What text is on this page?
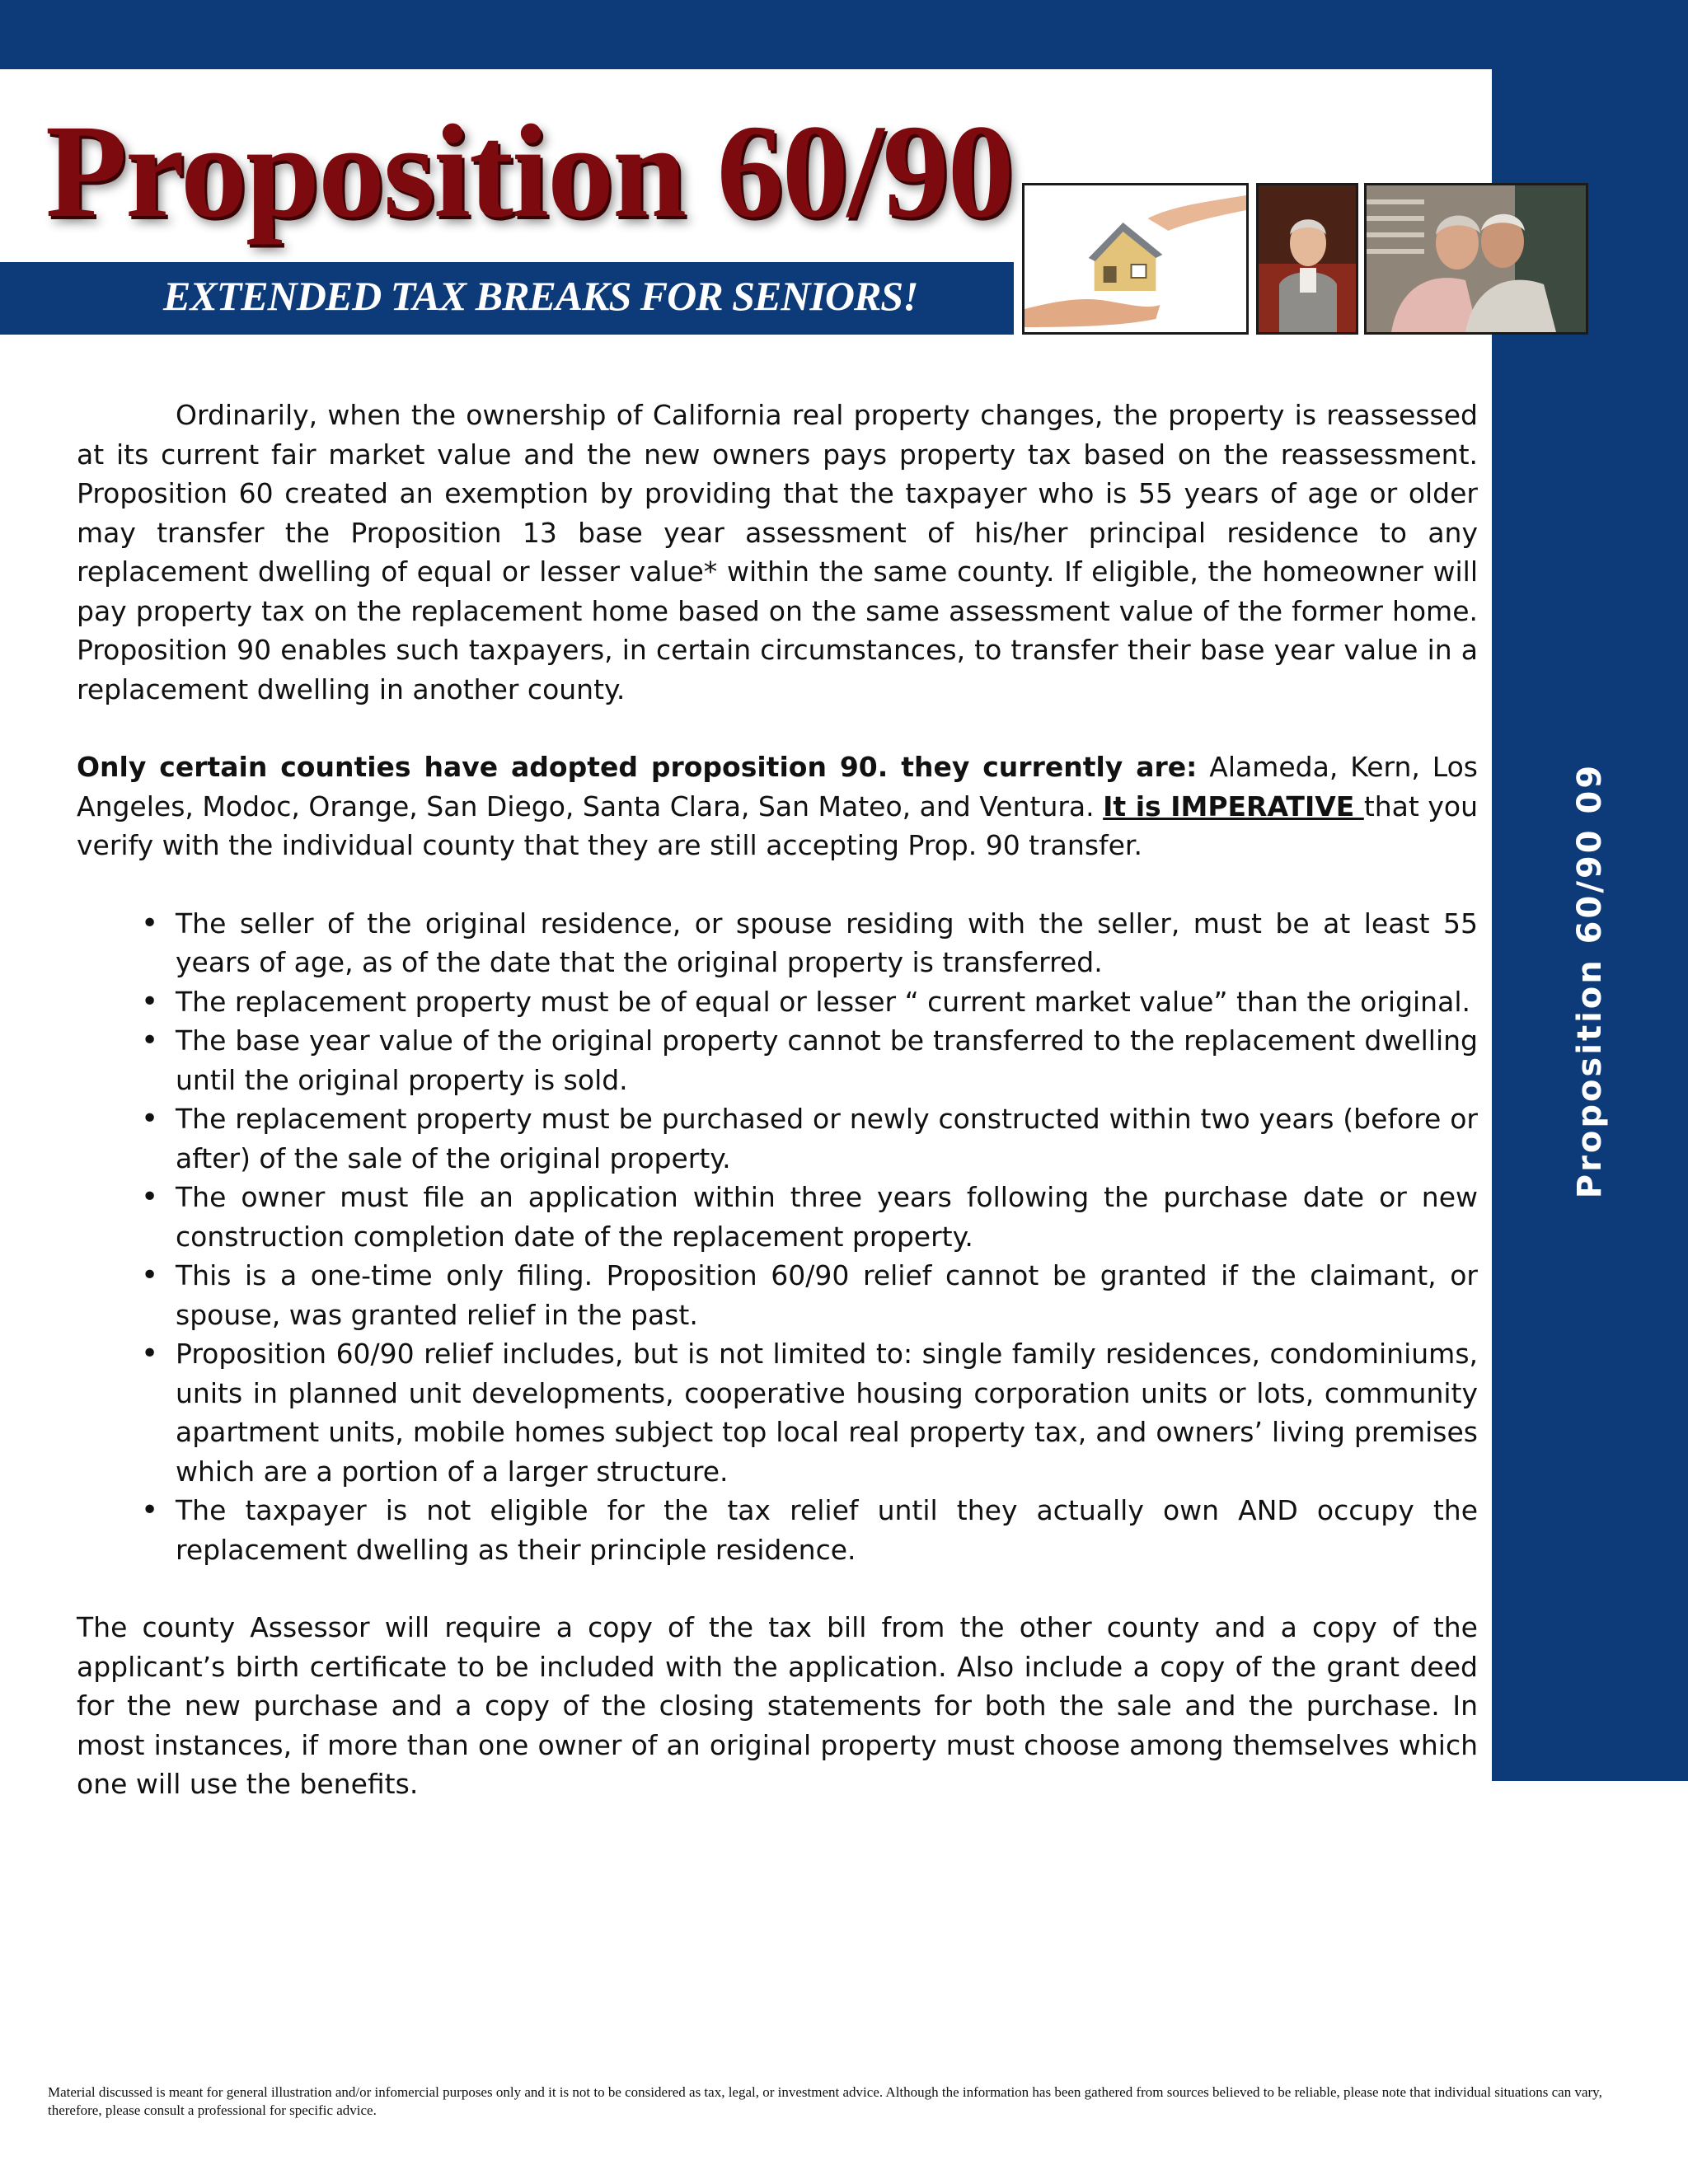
Proposition 60/90 09
Proposition 60/90
EXTENDED TAX BREAKS FOR SENIORS!

Ordinarily, when the ownership of California real property changes, the property is reassessed at its current fair market value and the new owners pays property tax based on the reassessment. Proposition 60 created an exemption by providing that the taxpayer who is 55 years of age or older may transfer the Proposition 13 base year assessment of his/her principal residence to any replacement dwelling of equal or lesser value* within the same county. If eligible, the homeowner will pay property tax on the replacement home based on the same assessment value of the former home. Proposition 90 enables such taxpayers, in certain circumstances, to transfer their base year value in a replacement dwelling in another county.

Only certain counties have adopted proposition 90. they currently are: Alameda, Kern, Los Angeles, Modoc, Orange, San Diego, Santa Clara, San Mateo, and Ventura. It is IMPERATIVE that you verify with the individual county that they are still accepting Prop. 90 transfer.

• The seller of the original residence, or spouse residing with the seller, must be at least 55 years of age, as of the date that the original property is transferred.
• The replacement property must be of equal or lesser “ current market value” than the original.
• The base year value of the original property cannot be transferred to the replacement dwelling until the original property is sold.
• The replacement property must be purchased or newly constructed within two years (before or after) of the sale of the original property.
• The owner must file an application within three years following the purchase date or new construction completion date of the replacement property.
• This is a one-time only filing. Proposition 60/90 relief cannot be granted if the claimant, or spouse, was granted relief in the past.
• Proposition 60/90 relief includes, but is not limited to: single family residences, condominiums, units in planned unit developments, cooperative housing corporation units or lots, community apartment units, mobile homes subject top local real property tax, and owners’ living premises which are a portion of a larger structure.
• The taxpayer is not eligible for the tax relief until they actually own AND occupy the replacement dwelling as their principle residence.

The county Assessor will require a copy of the tax bill from the other county and a copy of the applicant’s birth certificate to be included with the application. Also include a copy of the grant deed for the new purchase and a copy of the closing statements for both the sale and the purchase. In most instances, if more than one owner of an original property must choose among themselves which one will use the benefits.

Material discussed is meant for general illustration and/or infomercial purposes only and it is not to be considered as tax, legal, or investment advice. Although the information has been gathered from sources believed to be reliable, please note that individual situations can vary, therefore, please consult a professional for specific advice.
